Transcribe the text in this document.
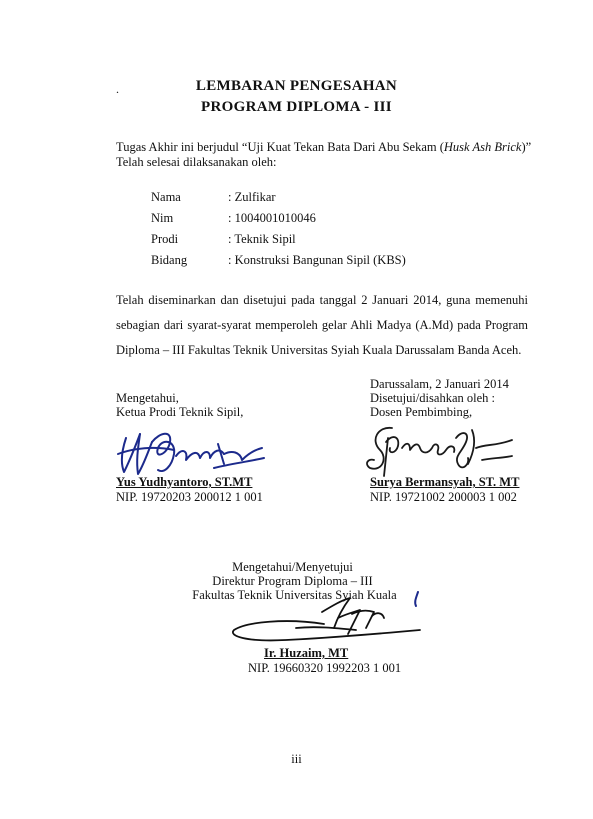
.	LEMBARAN PENGESAHAN
PROGRAM DIPLOMA - III
Tugas Akhir ini berjudul “Uji Kuat Tekan Bata Dari Abu Sekam (Husk Ash Brick)”
Telah selesai dilaksanakan oleh:
Nama	: Zulfikar
Nim	: 1004001010046
Prodi	: Teknik Sipil
Bidang	: Konstruksi Bangunan Sipil (KBS)
Telah diseminarkan dan disetujui pada tanggal 2 Januari 2014, guna memenuhi sebagian dari syarat-syarat memperoleh gelar Ahli Madya (A.Md) pada Program Diploma – III Fakultas Teknik Universitas Syiah Kuala Darussalam Banda Aceh.
Mengetahui,
Ketua Prodi Teknik Sipil,
Yus Yudhyantoro, ST.MT
NIP. 19720203 200012 1 001
Darussalam, 2 Januari 2014
Disetujui/disahkan oleh :
Dosen Pembimbing,
Surya Bermansyah, ST. MT
NIP. 19721002 200003 1 002
Mengetahui/Menyetujui
Direktur Program Diploma – III
Fakultas Teknik Universitas Syiah Kuala
Ir. Huzaim, MT
NIP. 19660320 1992203 1 001
iii
